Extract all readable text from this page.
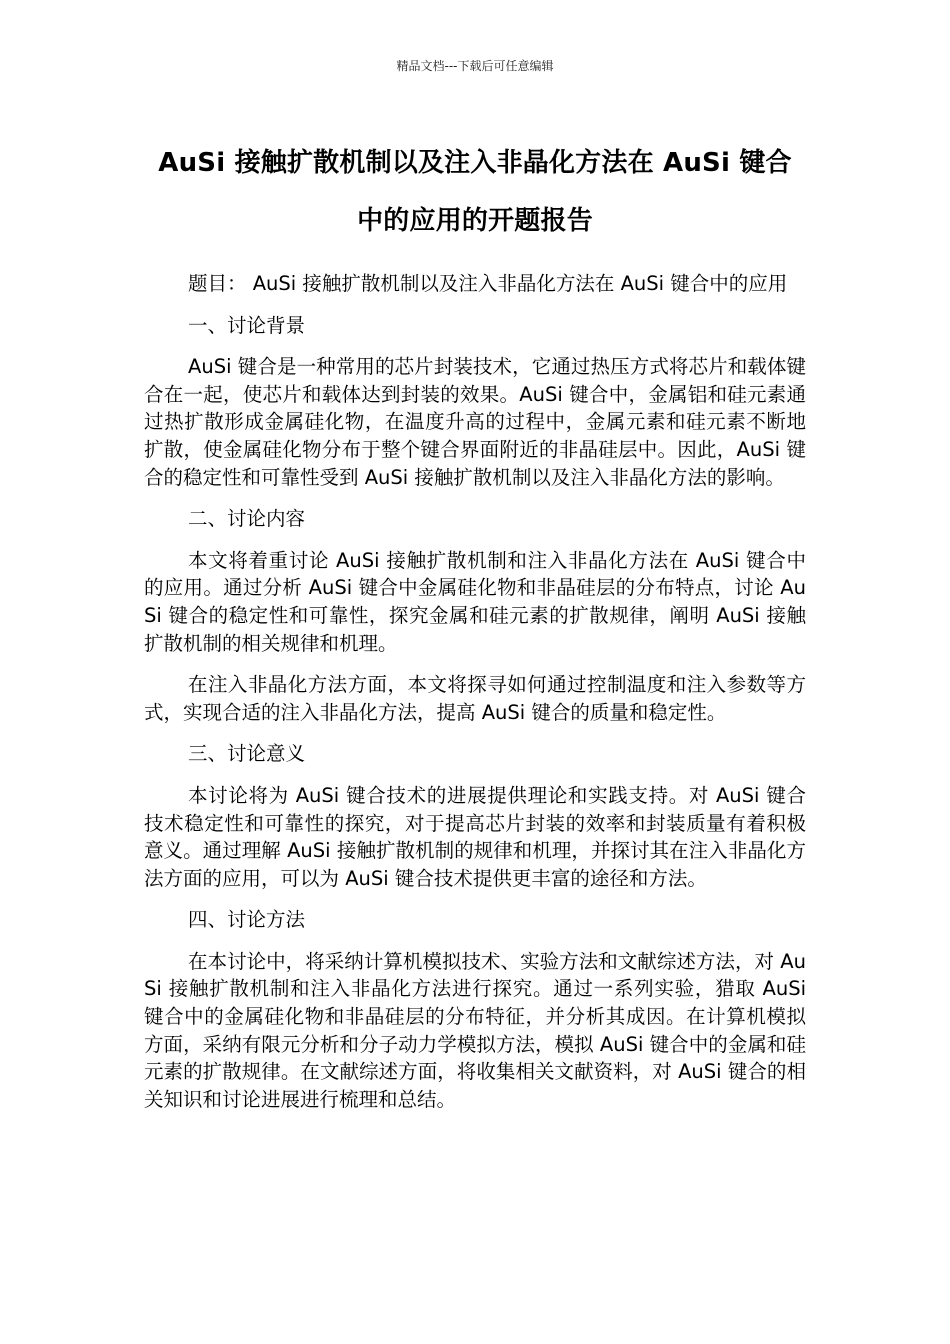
精品文档---下载后可任意编辑
AuSi 接触扩散机制以及注入非晶化方法在 AuSi 键合
中的应用的开题报告

题目： AuSi 接触扩散机制以及注入非晶化方法在 AuSi 键合中的应用

一、讨论背景

AuSi 键合是一种常用的芯片封装技术，它通过热压方式将芯片和载体键合在一起，使芯片和载体达到封装的效果。AuSi 键合中，金属铝和硅元素通过热扩散形成金属硅化物，在温度升高的过程中，金属元素和硅元素不断地扩散，使金属硅化物分布于整个键合界面附近的非晶硅层中。因此，AuSi 键合的稳定性和可靠性受到 AuSi 接触扩散机制以及注入非晶化方法的影响。

二、讨论内容

本文将着重讨论 AuSi 接触扩散机制和注入非晶化方法在 AuSi 键合中的应用。通过分析 AuSi 键合中金属硅化物和非晶硅层的分布特点，讨论 AuSi 键合的稳定性和可靠性，探究金属和硅元素的扩散规律，阐明 AuSi 接触扩散机制的相关规律和机理。

在注入非晶化方法方面，本文将探寻如何通过控制温度和注入参数等方式，实现合适的注入非晶化方法，提高 AuSi 键合的质量和稳定性。

三、讨论意义

本讨论将为 AuSi 键合技术的进展提供理论和实践支持。对 AuSi 键合技术稳定性和可靠性的探究，对于提高芯片封装的效率和封装质量有着积极意义。通过理解 AuSi 接触扩散机制的规律和机理，并探讨其在注入非晶化方法方面的应用，可以为 AuSi 键合技术提供更丰富的途径和方法。

四、讨论方法

在本讨论中，将采纳计算机模拟技术、实验方法和文献综述方法，对 AuSi 接触扩散机制和注入非晶化方法进行探究。通过一系列实验，猎取 AuSi 键合中的金属硅化物和非晶硅层的分布特征，并分析其成因。在计算机模拟方面，采纳有限元分析和分子动力学模拟方法，模拟 AuSi 键合中的金属和硅元素的扩散规律。在文献综述方面，将收集相关文献资料，对 AuSi 键合的相关知识和讨论进展进行梳理和总结。
